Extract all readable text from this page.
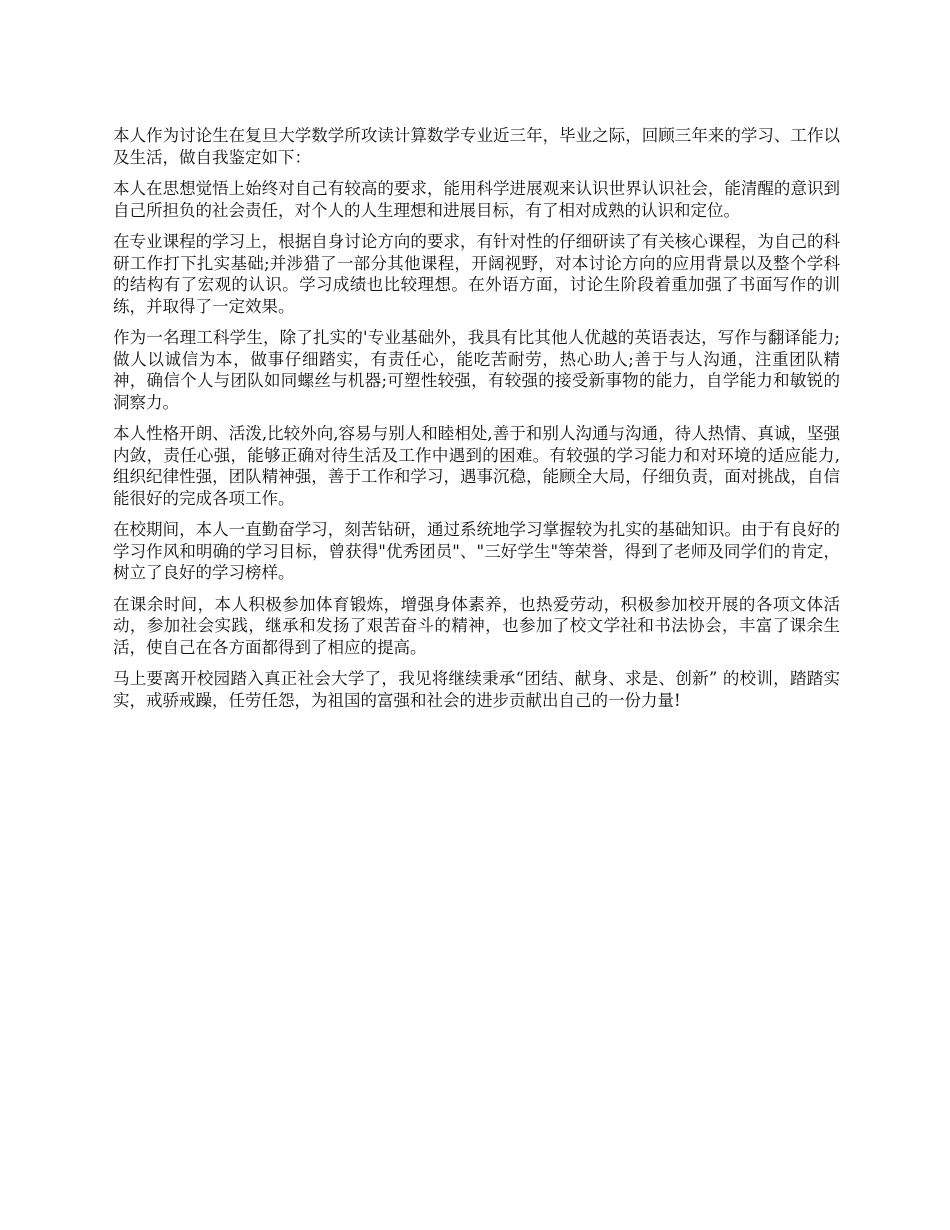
本人作为讨论生在复旦大学数学所攻读计算数学专业近三年，毕业之际，回顾三年来的学习、工作以及生活，做自我鉴定如下：

本人在思想觉悟上始终对自己有较高的要求，能用科学进展观来认识世界认识社会，能清醒的意识到自己所担负的社会责任，对个人的人生理想和进展目标，有了相对成熟的认识和定位。

在专业课程的学习上，根据自身讨论方向的要求，有针对性的仔细研读了有关核心课程，为自己的科研工作打下扎实基础;并涉猎了一部分其他课程，开阔视野，对本讨论方向的应用背景以及整个学科的结构有了宏观的认识。学习成绩也比较理想。在外语方面，讨论生阶段着重加强了书面写作的训练，并取得了一定效果。

作为一名理工科学生，除了扎实的'专业基础外，我具有比其他人优越的英语表达，写作与翻译能力;做人以诚信为本，做事仔细踏实，有责任心，能吃苦耐劳，热心助人;善于与人沟通，注重团队精神，确信个人与团队如同螺丝与机器;可塑性较强，有较强的接受新事物的能力，自学能力和敏锐的洞察力。

本人性格开朗、活泼,比较外向,容易与别人和睦相处,善于和别人沟通与沟通，待人热情、真诚，坚强内敛，责任心强，能够正确对待生活及工作中遇到的困难。有较强的学习能力和对环境的适应能力,组织纪律性强，团队精神强，善于工作和学习，遇事沉稳，能顾全大局，仔细负责，面对挑战，自信能很好的完成各项工作。

在校期间，本人一直勤奋学习，刻苦钻研，通过系统地学习掌握较为扎实的基础知识。由于有良好的学习作风和明确的学习目标，曾获得"优秀团员"、"三好学生"等荣誉，得到了老师及同学们的肯定，树立了良好的学习榜样。

在课余时间，本人积极参加体育锻炼，增强身体素养，也热爱劳动，积极参加校开展的各项文体活动，参加社会实践，继承和发扬了艰苦奋斗的精神，也参加了校文学社和书法协会，丰富了课余生活，使自己在各方面都得到了相应的提高。

马上要离开校园踏入真正社会大学了，我见将继续秉承“团结、献身、求是、创新” 的校训，踏踏实实，戒骄戒躁，任劳任怨，为祖国的富强和社会的进步贡献出自己的一份力量!
